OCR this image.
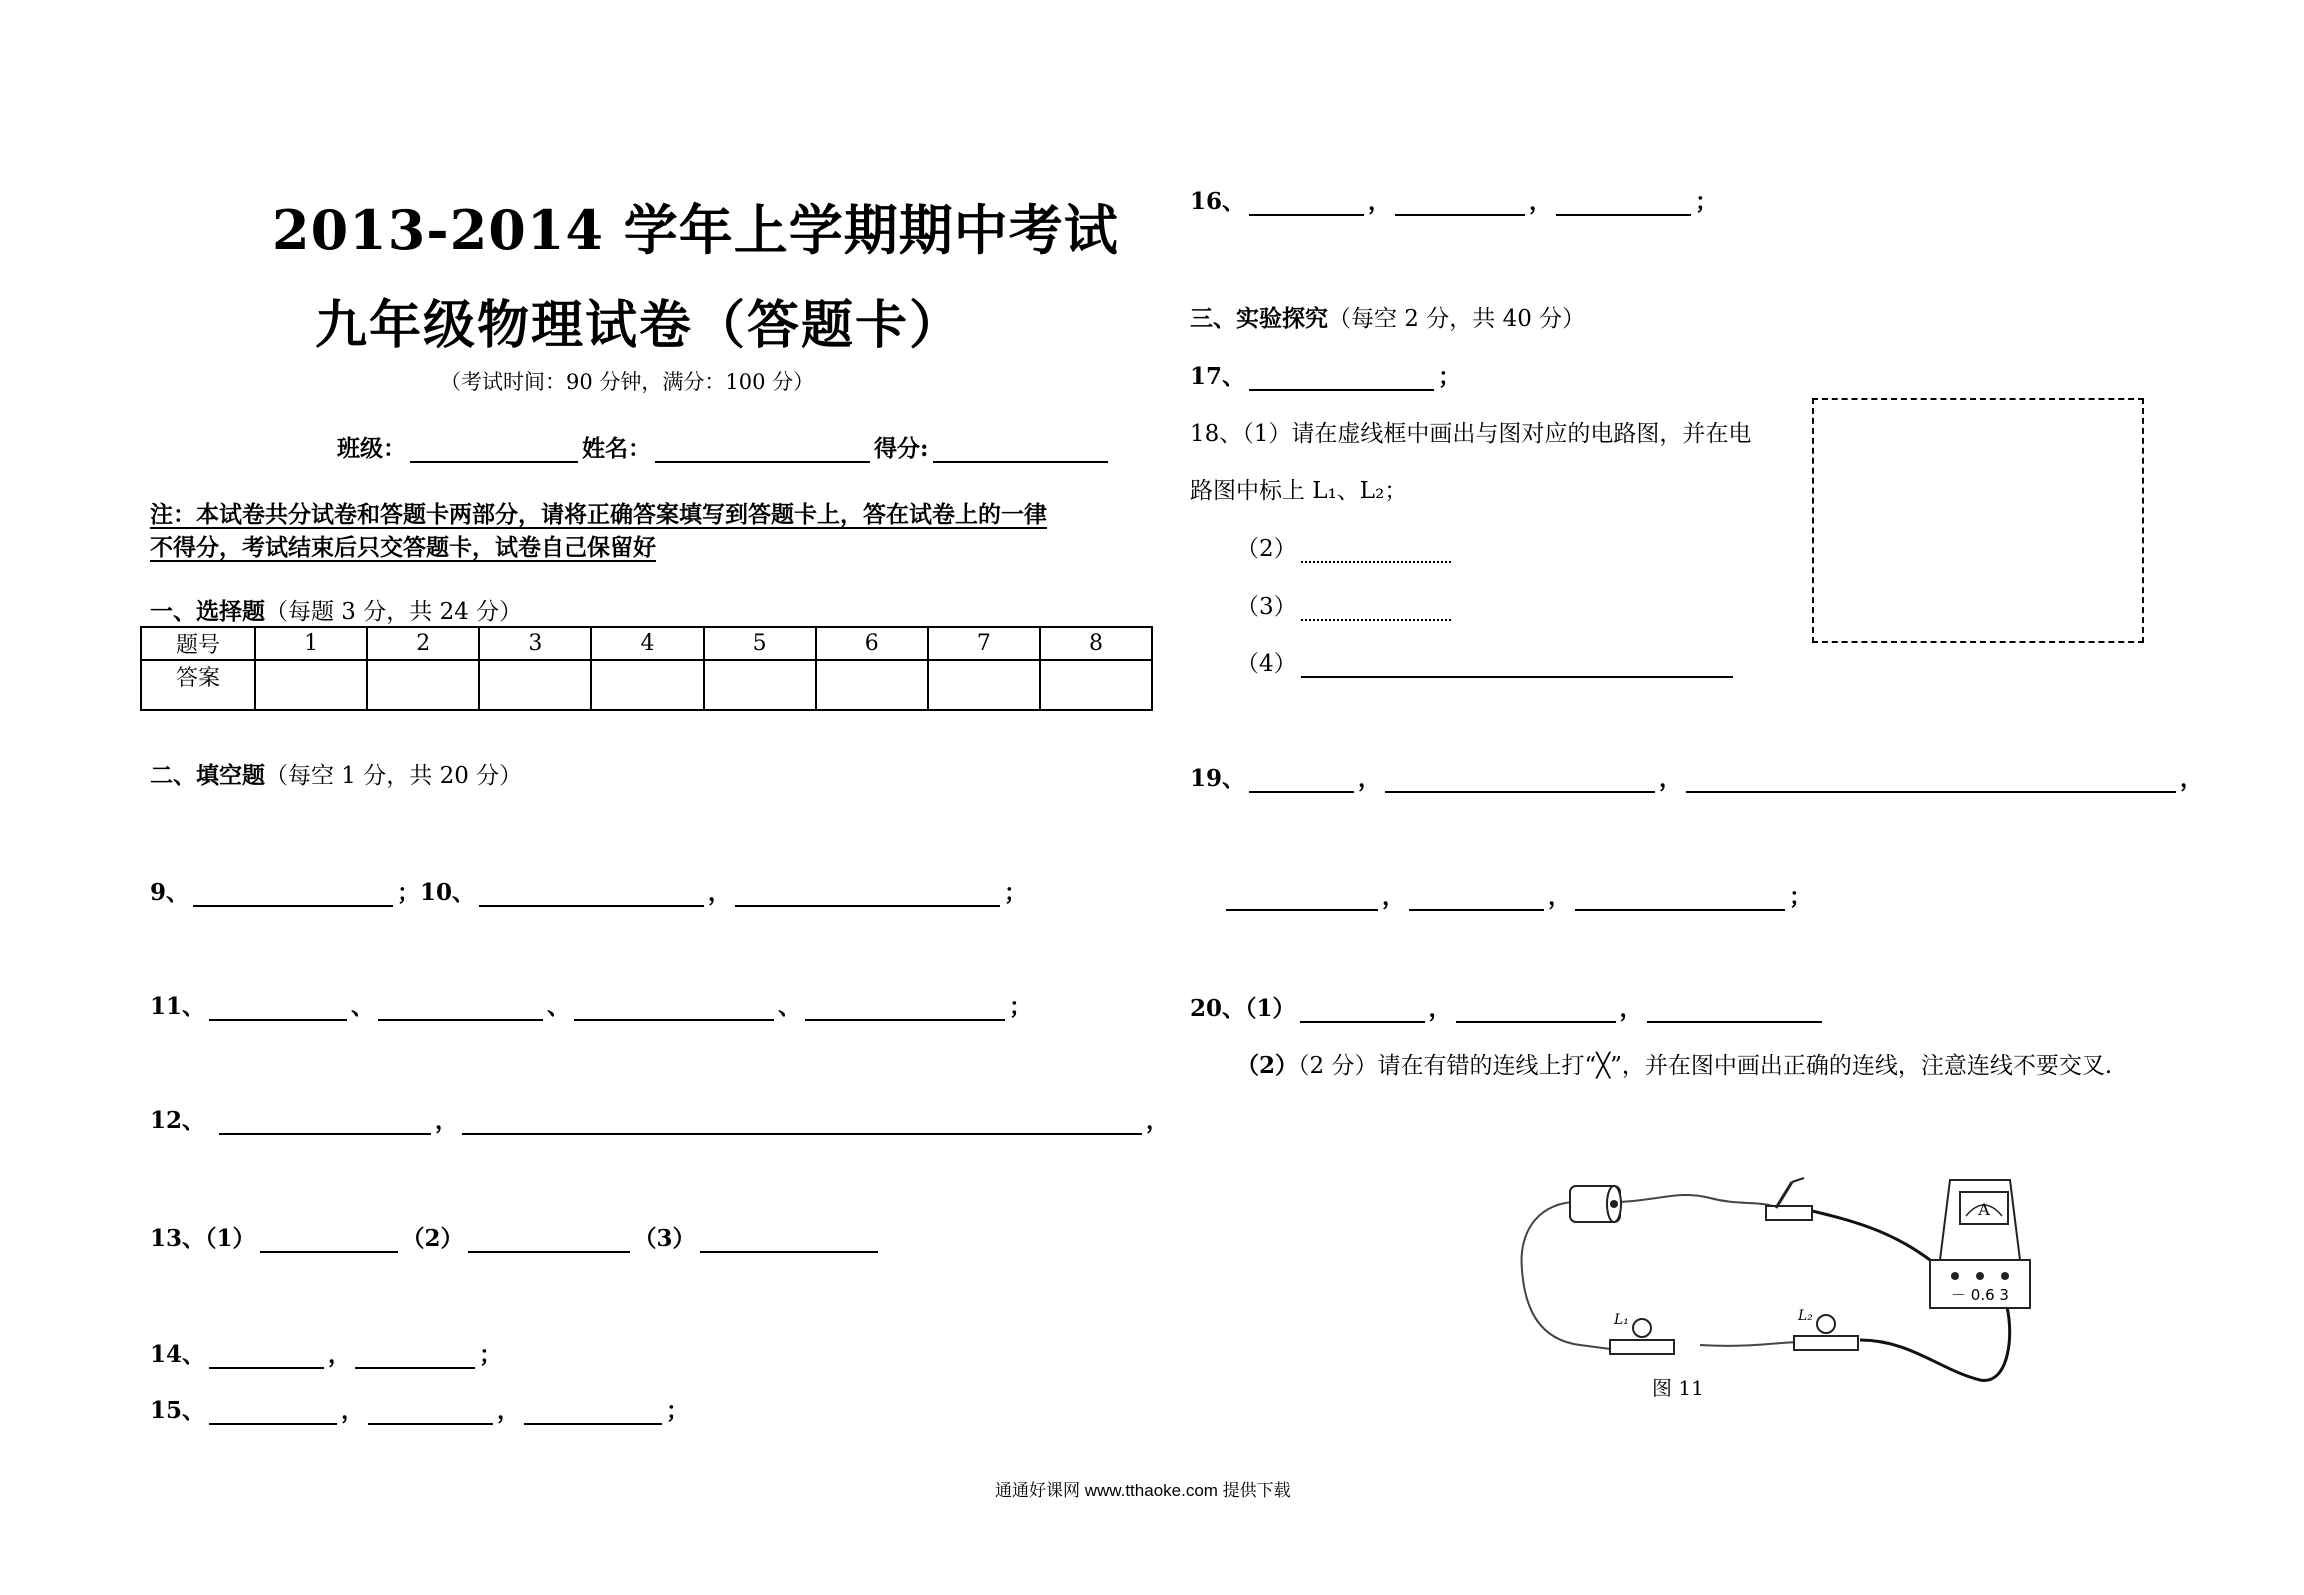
2013-2014 学年上学期期中考试
九年级物理试卷（答题卡）
（考试时间：90 分钟，满分：100 分）
班级：	姓名：	得分:
注：本试卷共分试卷和答题卡两部分，请将正确答案填写到答题卡上，答在试卷上的一律
不得分，考试结束后只交答题卡，试卷自己保留好
一、选择题（每题 3 分，共 24 分）
题号	1	2	3	4	5	6	7	8
答案								
二、填空题（每空 1 分，共 20 分）
9、	；10、	，	；
11、	、	、	、	；
12、	，	，
13、（1）	（2）	（3）
14、	，	；
15、	，	，	；
16、	，	，	；
三、实验探究（每空 2 分，共 40 分）
17、	；
18、（1）请在虚线框中画出与图对应的电路图，并在电
路图中标上 L₁、L₂；
（2）
（3）
（4）
19、	，	，	，
，	，	；
20、（1）	，	，
（2）（2 分）请在有错的连线上打“╳”，并在图中画出正确的连线，注意连线不要交叉.
A
－ 0.6 3
L₁	L₂
图 11
通通好课网 www.tthaoke.com 提供下载
